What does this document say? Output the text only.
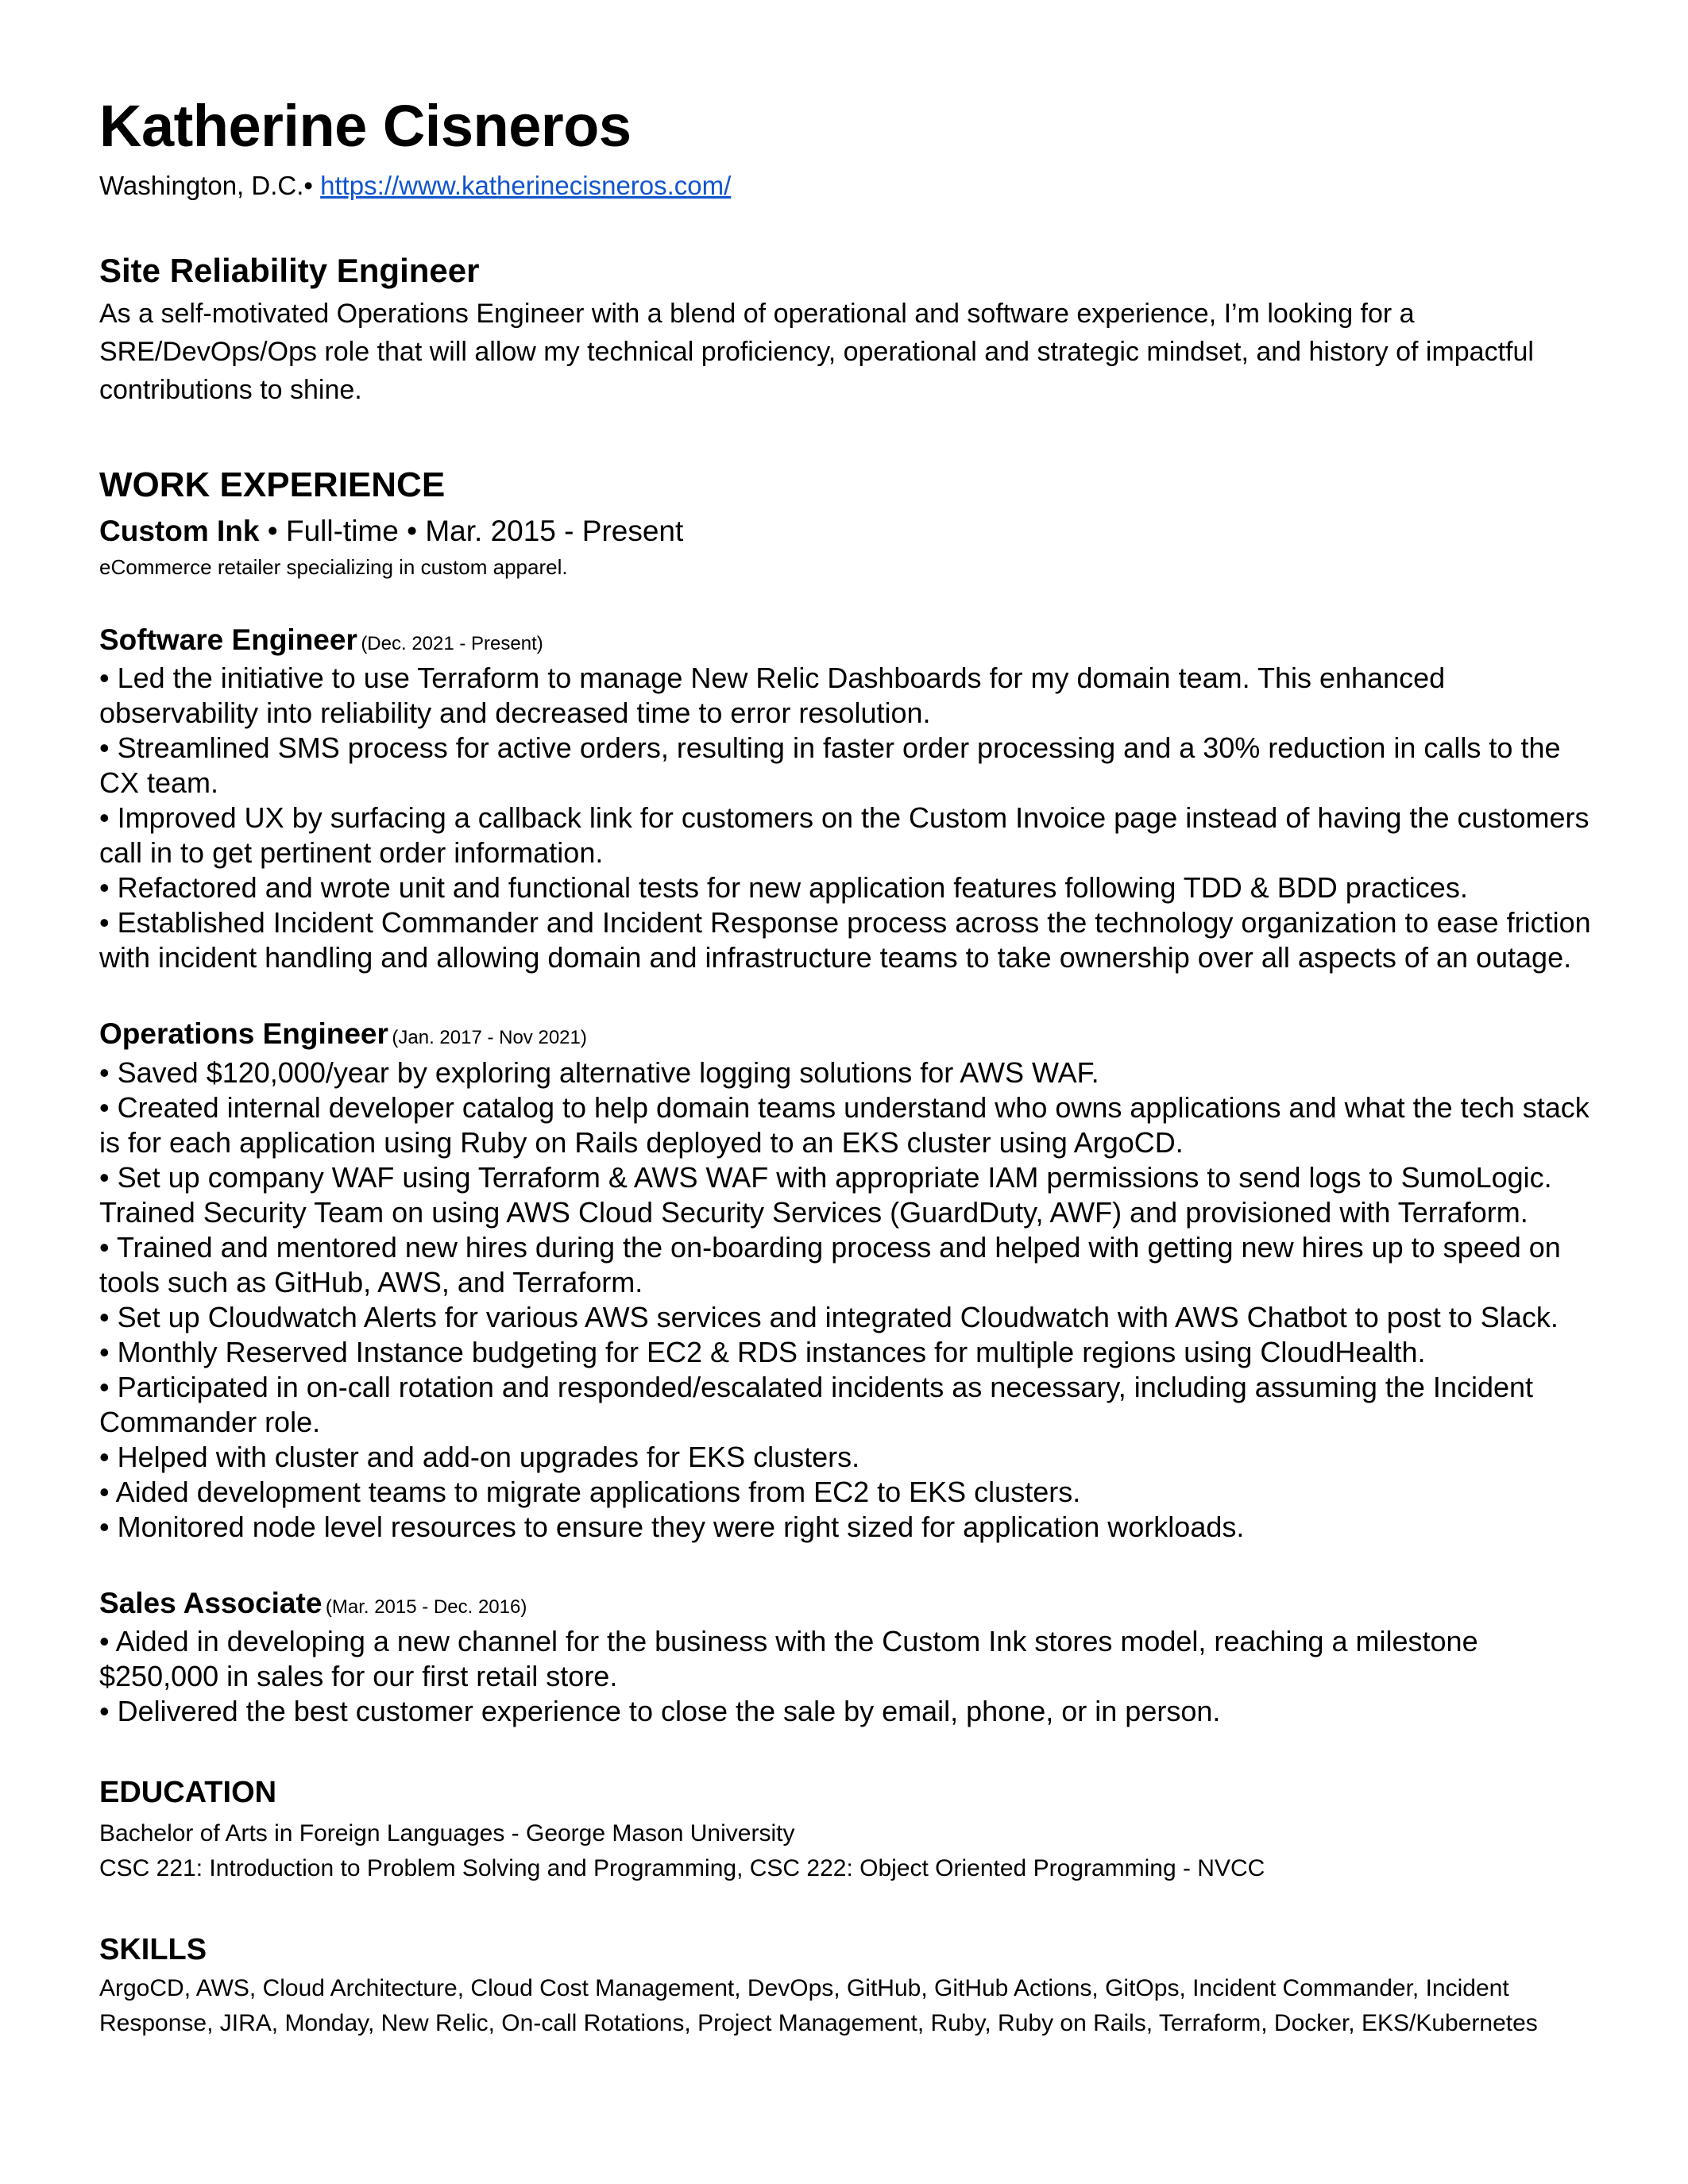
Katherine Cisneros
Washington, D.C.• https://www.katherinecisneros.com/
Site Reliability Engineer
As a self-motivated Operations Engineer with a blend of operational and software experience, I’m looking for a SRE/DevOps/Ops role that will allow my technical proficiency, operational and strategic mindset, and history of impactful contributions to shine.
WORK EXPERIENCE
Custom Ink • Full-time • Mar. 2015 - Present
eCommerce retailer specializing in custom apparel.
Software Engineer (Dec. 2021 - Present)
• Led the initiative to use Terraform to manage New Relic Dashboards for my domain team. This enhanced observability into reliability and decreased time to error resolution.
• Streamlined SMS process for active orders, resulting in faster order processing and a 30% reduction in calls to the CX team.
• Improved UX by surfacing a callback link for customers on the Custom Invoice page instead of having the customers call in to get pertinent order information.
• Refactored and wrote unit and functional tests for new application features following TDD & BDD practices.
• Established Incident Commander and Incident Response process across the technology organization to ease friction with incident handling and allowing domain and infrastructure teams to take ownership over all aspects of an outage.
Operations Engineer (Jan. 2017 - Nov 2021)
• Saved $120,000/year by exploring alternative logging solutions for AWS WAF.
• Created internal developer catalog to help domain teams understand who owns applications and what the tech stack is for each application using Ruby on Rails deployed to an EKS cluster using ArgoCD.
• Set up company WAF using Terraform & AWS WAF with appropriate IAM permissions to send logs to SumoLogic. Trained Security Team on using AWS Cloud Security Services (GuardDuty, AWF) and provisioned with Terraform.
• Trained and mentored new hires during the on-boarding process and helped with getting new hires up to speed on tools such as GitHub, AWS, and Terraform.
• Set up Cloudwatch Alerts for various AWS services and integrated Cloudwatch with AWS Chatbot to post to Slack.
• Monthly Reserved Instance budgeting for EC2 & RDS instances for multiple regions using CloudHealth.
• Participated in on-call rotation and responded/escalated incidents as necessary, including assuming the Incident Commander role.
• Helped with cluster and add-on upgrades for EKS clusters.
• Aided development teams to migrate applications from EC2 to EKS clusters.
• Monitored node level resources to ensure they were right sized for application workloads.
Sales Associate (Mar. 2015 - Dec. 2016)
• Aided in developing a new channel for the business with the Custom Ink stores model, reaching a milestone $250,000 in sales for our first retail store.
• Delivered the best customer experience to close the sale by email, phone, or in person.
EDUCATION
Bachelor of Arts in Foreign Languages - George Mason University
CSC 221: Introduction to Problem Solving and Programming, CSC 222: Object Oriented Programming - NVCC
SKILLS
ArgoCD, AWS, Cloud Architecture, Cloud Cost Management, DevOps, GitHub, GitHub Actions, GitOps, Incident Commander, Incident Response, JIRA, Monday, New Relic, On-call Rotations, Project Management, Ruby, Ruby on Rails, Terraform, Docker, EKS/Kubernetes
